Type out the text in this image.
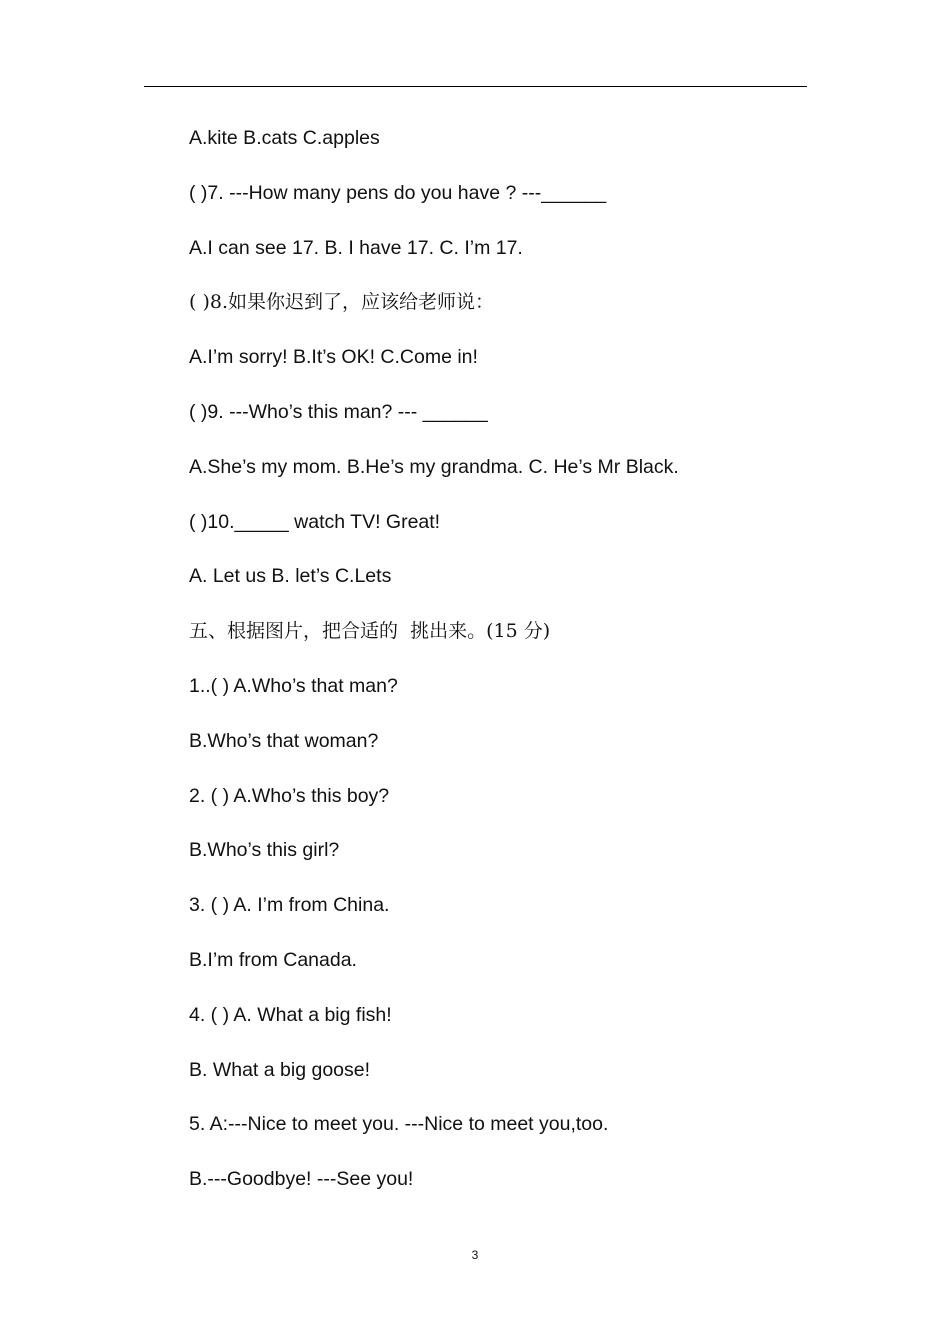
A.kite B.cats C.apples
( )7. ---How many pens do you have ? ---______
A.I can see 17. B. I have 17. C. I’m 17.
( )8.如果你迟到了，应该给老师说：
A.I’m sorry! B.It’s OK! C.Come in!
( )9. ---Who’s this man? --- ______
A.She’s my mom. B.He’s my grandma. C. He’s Mr Black.
( )10._____ watch TV! Great!
A. Let us B. let’s C.Lets
五、根据图片，把合适的  挑出来。(15 分)
1..( ) A.Who’s that man?
B.Who’s that woman?
2. ( ) A.Who’s this boy?
B.Who’s this girl?
3. ( ) A. I’m from China.
B.I’m from Canada.
4. ( ) A. What a big fish!
B. What a big goose!
5. A:---Nice to meet you. ---Nice to meet you,too.
B.---Goodbye! ---See you!
3
